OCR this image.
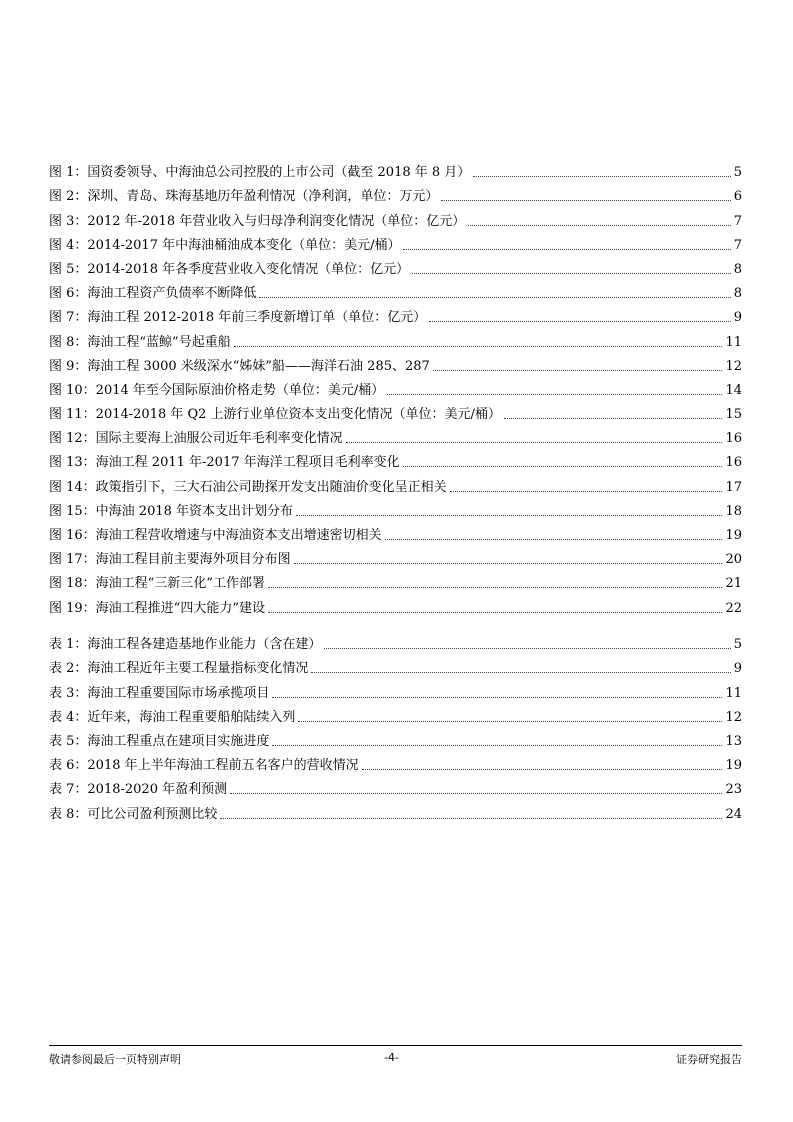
图 1：国资委领导、中海油总公司控股的上市公司（截至 2018 年 8 月）	5
图 2：深圳、青岛、珠海基地历年盈利情况（净利润，单位：万元）	6
图 3：2012 年-2018 年营业收入与归母净利润变化情况（单位：亿元）	7
图 4：2014-2017 年中海油桶油成本变化（单位：美元/桶）	7
图 5：2014-2018 年各季度营业收入变化情况（单位：亿元）	8
图 6：海油工程资产负债率不断降低	8
图 7：海油工程 2012-2018 年前三季度新增订单（单位：亿元）	9
图 8：海油工程“蓝鲸”号起重船	11
图 9：海油工程 3000 米级深水“姊妹”船——海洋石油 285、287	12
图 10：2014 年至今国际原油价格走势（单位：美元/桶）	14
图 11：2014-2018 年 Q2 上游行业单位资本支出变化情况（单位：美元/桶）	15
图 12：国际主要海上油服公司近年毛利率变化情况	16
图 13：海油工程 2011 年-2017 年海洋工程项目毛利率变化	16
图 14：政策指引下，三大石油公司勘探开发支出随油价变化呈正相关	17
图 15：中海油 2018 年资本支出计划分布	18
图 16：海油工程营收增速与中海油资本支出增速密切相关	19
图 17：海油工程目前主要海外项目分布图	20
图 18：海油工程“三新三化”工作部署	21
图 19：海油工程推进“四大能力”建设	22
表 1：海油工程各建造基地作业能力（含在建）	5
表 2：海油工程近年主要工程量指标变化情况	9
表 3：海油工程重要国际市场承揽项目	11
表 4：近年来，海油工程重要船舶陆续入列	12
表 5：海油工程重点在建项目实施进度	13
表 6：2018 年上半年海油工程前五名客户的营收情况	19
表 7：2018-2020 年盈利预测	23
表 8：可比公司盈利预测比较	24
敬请参阅最后一页特别声明	-4-	证券研究报告
